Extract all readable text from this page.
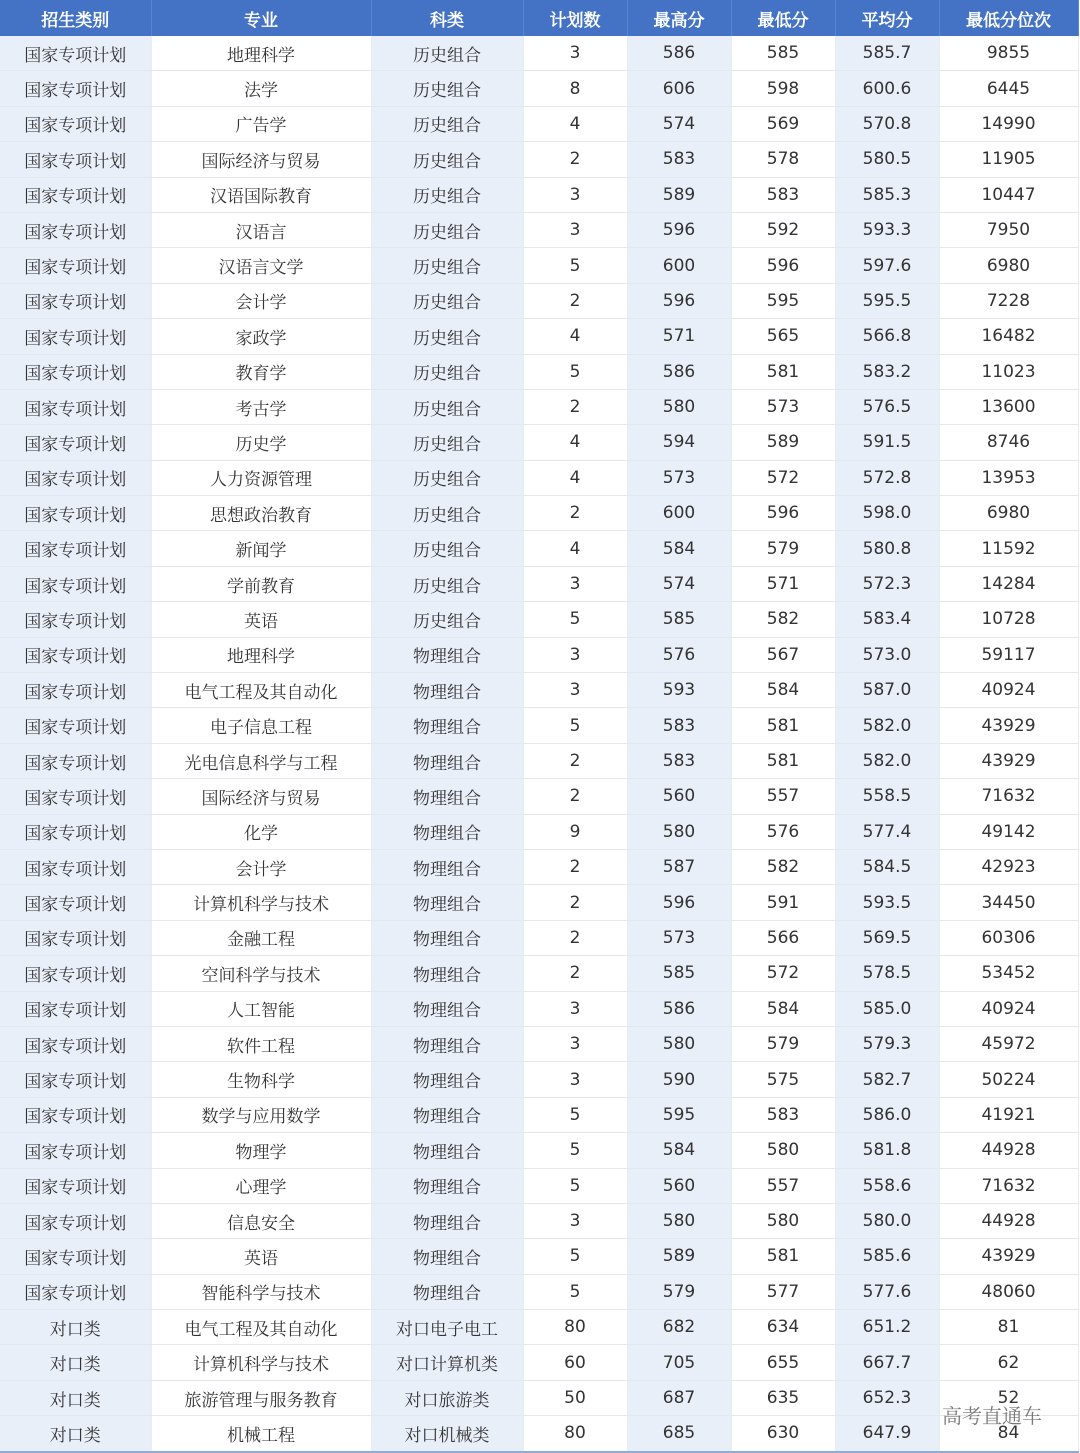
招生类别	专业	科类	计划数	最高分	最低分	平均分	最低分位次
国家专项计划	地理科学	历史组合	3	586	585	585.7	9855
国家专项计划	法学	历史组合	8	606	598	600.6	6445
国家专项计划	广告学	历史组合	4	574	569	570.8	14990
国家专项计划	国际经济与贸易	历史组合	2	583	578	580.5	11905
国家专项计划	汉语国际教育	历史组合	3	589	583	585.3	10447
国家专项计划	汉语言	历史组合	3	596	592	593.3	7950
国家专项计划	汉语言文学	历史组合	5	600	596	597.6	6980
国家专项计划	会计学	历史组合	2	596	595	595.5	7228
国家专项计划	家政学	历史组合	4	571	565	566.8	16482
国家专项计划	教育学	历史组合	5	586	581	583.2	11023
国家专项计划	考古学	历史组合	2	580	573	576.5	13600
国家专项计划	历史学	历史组合	4	594	589	591.5	8746
国家专项计划	人力资源管理	历史组合	4	573	572	572.8	13953
国家专项计划	思想政治教育	历史组合	2	600	596	598.0	6980
国家专项计划	新闻学	历史组合	4	584	579	580.8	11592
国家专项计划	学前教育	历史组合	3	574	571	572.3	14284
国家专项计划	英语	历史组合	5	585	582	583.4	10728
国家专项计划	地理科学	物理组合	3	576	567	573.0	59117
国家专项计划	电气工程及其自动化	物理组合	3	593	584	587.0	40924
国家专项计划	电子信息工程	物理组合	5	583	581	582.0	43929
国家专项计划	光电信息科学与工程	物理组合	2	583	581	582.0	43929
国家专项计划	国际经济与贸易	物理组合	2	560	557	558.5	71632
国家专项计划	化学	物理组合	9	580	576	577.4	49142
国家专项计划	会计学	物理组合	2	587	582	584.5	42923
国家专项计划	计算机科学与技术	物理组合	2	596	591	593.5	34450
国家专项计划	金融工程	物理组合	2	573	566	569.5	60306
国家专项计划	空间科学与技术	物理组合	2	585	572	578.5	53452
国家专项计划	人工智能	物理组合	3	586	584	585.0	40924
国家专项计划	软件工程	物理组合	3	580	579	579.3	45972
国家专项计划	生物科学	物理组合	3	590	575	582.7	50224
国家专项计划	数学与应用数学	物理组合	5	595	583	586.0	41921
国家专项计划	物理学	物理组合	5	584	580	581.8	44928
国家专项计划	心理学	物理组合	5	560	557	558.6	71632
国家专项计划	信息安全	物理组合	3	580	580	580.0	44928
国家专项计划	英语	物理组合	5	589	581	585.6	43929
国家专项计划	智能科学与技术	物理组合	5	579	577	577.6	48060
对口类	电气工程及其自动化	对口电子电工	80	682	634	651.2	81
对口类	计算机科学与技术	对口计算机类	60	705	655	667.7	62
对口类	旅游管理与服务教育	对口旅游类	50	687	635	652.3	52
对口类	机械工程	对口机械类	80	685	630	647.9	84
高考直通车
